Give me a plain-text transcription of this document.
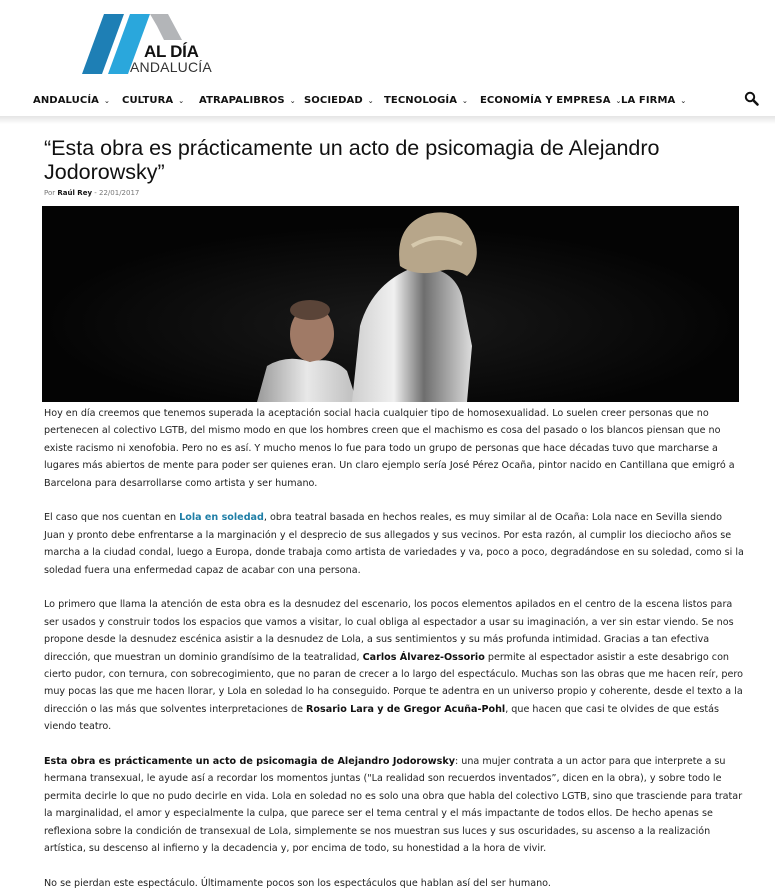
AL DÍA
ANDALUCÍA
ANDALUCÍA ⌄ CULTURA ⌄ ATRAPALIBROS ⌄ SOCIEDAD ⌄ TECNOLOGÍA ⌄ ECONOMÍA Y EMPRESA ⌄ LA FIRMA ⌄
“Esta obra es prácticamente un acto de psicomagia de Alejandro Jodorowsky”
Por Raúl Rey - 22/01/2017

Hoy en día creemos que tenemos superada la aceptación social hacia cualquier tipo de homosexualidad. Lo suelen creer personas que no pertenecen al colectivo LGTB, del mismo modo en que los hombres creen que el machismo es cosa del pasado o los blancos piensan que no existe racismo ni xenofobia. Pero no es así. Y mucho menos lo fue para todo un grupo de personas que hace décadas tuvo que marcharse a lugares más abiertos de mente para poder ser quienes eran. Un claro ejemplo sería José Pérez Ocaña, pintor nacido en Cantillana que emigró a Barcelona para desarrollarse como artista y ser humano.

El caso que nos cuentan en Lola en soledad, obra teatral basada en hechos reales, es muy similar al de Ocaña: Lola nace en Sevilla siendo Juan y pronto debe enfrentarse a la marginación y el desprecio de sus allegados y sus vecinos. Por esta razón, al cumplir los dieciocho años se marcha a la ciudad condal, luego a Europa, donde trabaja como artista de variedades y va, poco a poco, degradándose en su soledad, como si la soledad fuera una enfermedad capaz de acabar con una persona.

Lo primero que llama la atención de esta obra es la desnudez del escenario, los pocos elementos apilados en el centro de la escena listos para ser usados y construir todos los espacios que vamos a visitar, lo cual obliga al espectador a usar su imaginación, a ver sin estar viendo. Se nos propone desde la desnudez escénica asistir a la desnudez de Lola, a sus sentimientos y su más profunda intimidad. Gracias a tan efectiva dirección, que muestran un dominio grandísimo de la teatralidad, Carlos Álvarez-Ossorio permite al espectador asistir a este desabrigo con cierto pudor, con ternura, con sobrecogimiento, que no paran de crecer a lo largo del espectáculo. Muchas son las obras que me hacen reír, pero muy pocas las que me hacen llorar, y Lola en soledad lo ha conseguido. Porque te adentra en un universo propio y coherente, desde el texto a la dirección o las más que solventes interpretaciones de Rosario Lara y de Gregor Acuña-Pohl, que hacen que casi te olvides de que estás viendo teatro.

Esta obra es prácticamente un acto de psicomagia de Alejandro Jodorowsky: una mujer contrata a un actor para que interprete a su hermana transexual, le ayude así a recordar los momentos juntas ("La realidad son recuerdos inventados”, dicen en la obra), y sobre todo le permita decirle lo que no pudo decirle en vida. Lola en soledad no es solo una obra que habla del colectivo LGTB, sino que trasciende para tratar la marginalidad, el amor y especialmente la culpa, que parece ser el tema central y el más impactante de todos ellos. De hecho apenas se reflexiona sobre la condición de transexual de Lola, simplemente se nos muestran sus luces y sus oscuridades, su ascenso a la realización artística, su descenso al infierno y la decadencia y, por encima de todo, su honestidad a la hora de vivir.

No se pierdan este espectáculo. Últimamente pocos son los espectáculos que hablan así del ser humano.
